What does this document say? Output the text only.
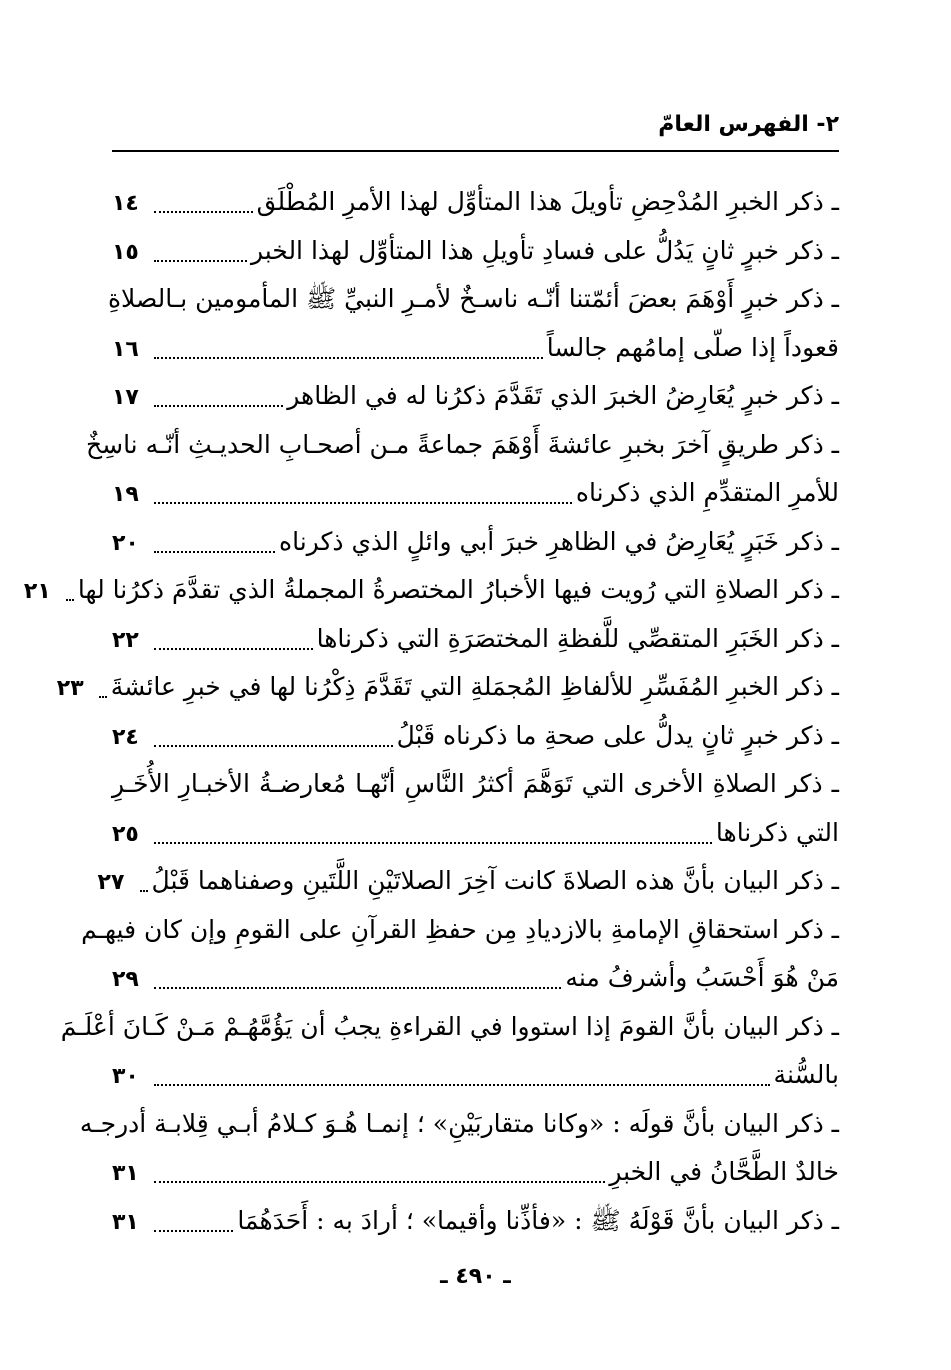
٢- الفهرس العامّ
ـ ذكر الخبرِ المُدْحِضِ تأويلَ هذا المتأوِّل لهذا الأمرِ المُطْلَق
١٤
ـ ذكر خبرٍ ثانٍ يَدُلُّ على فسادِ تأويلِ هذا المتأوِّل لهذا الخبر
١٥
ـ ذكر خبرٍ أَوْهَمَ بعضَ أئمّتنا أنّـه ناسـخٌ لأمـرِ النبيِّ ﷺ المأمومين بـالصلاةِ
قعوداً إذا صلّى إمامُهم جالساً
١٦
ـ ذكر خبرٍ يُعَارِضُ الخبرَ الذي تَقَدَّمَ ذكرُنا له في الظاهر
١٧
ـ ذكر طريقٍ آخرَ بخبرِ عائشةَ أَوْهَمَ جماعةً مـن أصحـابِ الحديـثِ أنّـه ناسِخٌ
للأمرِ المتقدِّمِ الذي ذكرناه
١٩
ـ ذكر خَبَرٍ يُعَارِضُ في الظاهرِ خبرَ أبي وائلٍ الذي ذكرناه
٢٠
ـ ذكر الصلاةِ التي رُويت فيها الأخبارُ المختصرةُ المجملةُ الذي تقدَّمَ ذكرُنا لها
٢١
ـ ذكر الخَبَرِ المتقصِّي للَّفظةِ المختصَرَةِ التي ذكرناها
٢٢
ـ ذكر الخبرِ المُفَسِّرِ للألفاظِ المُجمَلةِ التي تَقَدَّمَ ذِكْرُنا لها في خبرِ عائشةَ
٢٣
ـ ذكر خبرٍ ثانٍ يدلُّ على صحةِ ما ذكرناه قَبْلُ
٢٤
ـ ذكر الصلاةِ الأخرى التي تَوَهَّمَ أكثرُ النَّاسِ أنّهـا مُعارضـةُ الأخبـارِ الأُخَـرِ
التي ذكرناها
٢٥
ـ ذكر البيان بأنَّ هذه الصلاةَ كانت آخِرَ الصلاتَيْنِ اللَّتَينِ وصفناهما قَبْلُ
٢٧
ـ ذكر استحقاقِ الإمامةِ بالازديادِ مِن حفظِ القرآنِ على القومِ وإن كان فيهـم
مَنْ هُوَ أَحْسَبُ وأشرفُ منه
٢٩
ـ ذكر البيان بأنَّ القومَ إذا استووا في القراءةِ يجبُ أن يَؤُمَّهُـمْ مَـنْ كَـانَ أعْلَـمَ
بالسُّنة
٣٠
ـ ذكر البيان بأنَّ قولَه : «وكانا متقاربَيْنِ» ؛ إنمـا هُـوَ كـلامُ أبـي قِلابـة أدرجـه
خالدٌ الطَّحَّانُ في الخبرِ
٣١
ـ ذكر البيان بأنَّ قَوْلَهُ ﷺ : «فأذِّنا وأقيما» ؛ أرادَ به : أَحَدَهُمَا
٣١
ـ ٤٩٠ ـ
